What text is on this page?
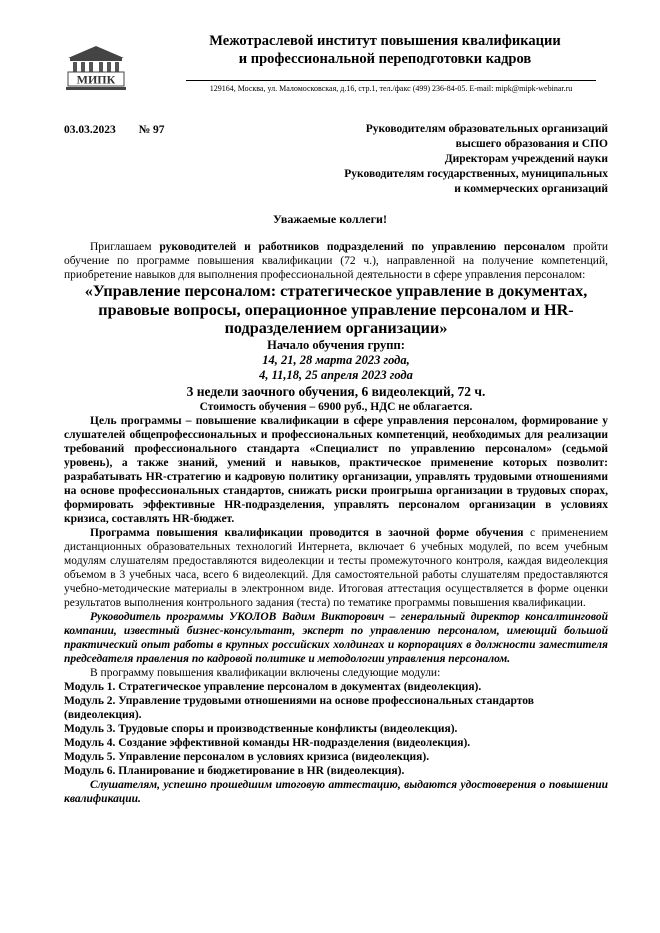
МИПК
Межотраслевой институт повышения квалификации
и профессиональной переподготовки кадров
129164, Москва, ул. Маломосковская, д.16, стр.1, тел./факс (499) 236-84-05. E-mail: mipk@mipk-webinar.ru
03.03.2023 № 97	Руководителям образовательных организаций
высшего образования и СПО
Директорам учреждений науки
Руководителям государственных, муниципальных
и коммерческих организаций
Уважаемые коллеги!

Приглашаем руководителей и работников подразделений по управлению персоналом пройти обучение по программе повышения квалификации (72 ч.), направленной на получение компетенций, приобретение навыков для выполнения профессиональной деятельности в сфере управления персоналом:

«Управление персоналом: стратегическое управление в документах, правовые вопросы, операционное управление персоналом и HR-подразделением организации»

Начало обучения групп:

14, 21, 28 марта 2023 года,

4, 11,18, 25 апреля 2023 года

3 недели заочного обучения, 6 видеолекций, 72 ч.

Стоимость обучения – 6900 руб., НДС не облагается.

Цель программы – повышение квалификации в сфере управления персоналом, формирование у слушателей общепрофессиональных и профессиональных компетенций, необходимых для реализации требований профессионального стандарта «Специалист по управлению персоналом» (седьмой уровень), а также знаний, умений и навыков, практическое применение которых позволит: разрабатывать HR-стратегию и кадровую политику организации, управлять трудовыми отношениями на основе профессиональных стандартов, снижать риски проигрыша организации в трудовых спорах, формировать эффективные HR-подразделения, управлять персоналом организации в условиях кризиса, составлять HR-бюджет.

Программа повышения квалификации проводится в заочной форме обучения с применением дистанционных образовательных технологий Интернета, включает 6 учебных модулей, по всем учебным модулям слушателям предоставляются видеолекции и тесты промежуточного контроля, каждая видеолекция объемом в 3 учебных часа, всего 6 видеолекций. Для самостоятельной работы слушателям предоставляются учебно-методические материалы в электронном виде. Итоговая аттестация осуществляется в форме оценки результатов выполнения контрольного задания (теста) по тематике программы повышения квалификации.

Руководитель программы УКОЛОВ Вадим Викторович – генеральный директор консалтинговой компании, известный бизнес-консультант, эксперт по управлению персоналом, имеющий большой практический опыт работы в крупных российских холдингах и корпорациях в должности заместителя председателя правления по кадровой политике и методологии управления персоналом.

В программу повышения квалификации включены следующие модули:

Модуль 1. Стратегическое управление персоналом в документах (видеолекция).

Модуль 2. Управление трудовыми отношениями на основе профессиональных стандартов (видеолекция).

Модуль 3. Трудовые споры и производственные конфликты (видеолекция).

Модуль 4. Создание эффективной команды HR-подразделения (видеолекция).

Модуль 5. Управление персоналом в условиях кризиса (видеолекция).

Модуль 6. Планирование и бюджетирование в HR (видеолекция).

Слушателям, успешно прошедшим итоговую аттестацию, выдаются удостоверения о повышении квалификации.
